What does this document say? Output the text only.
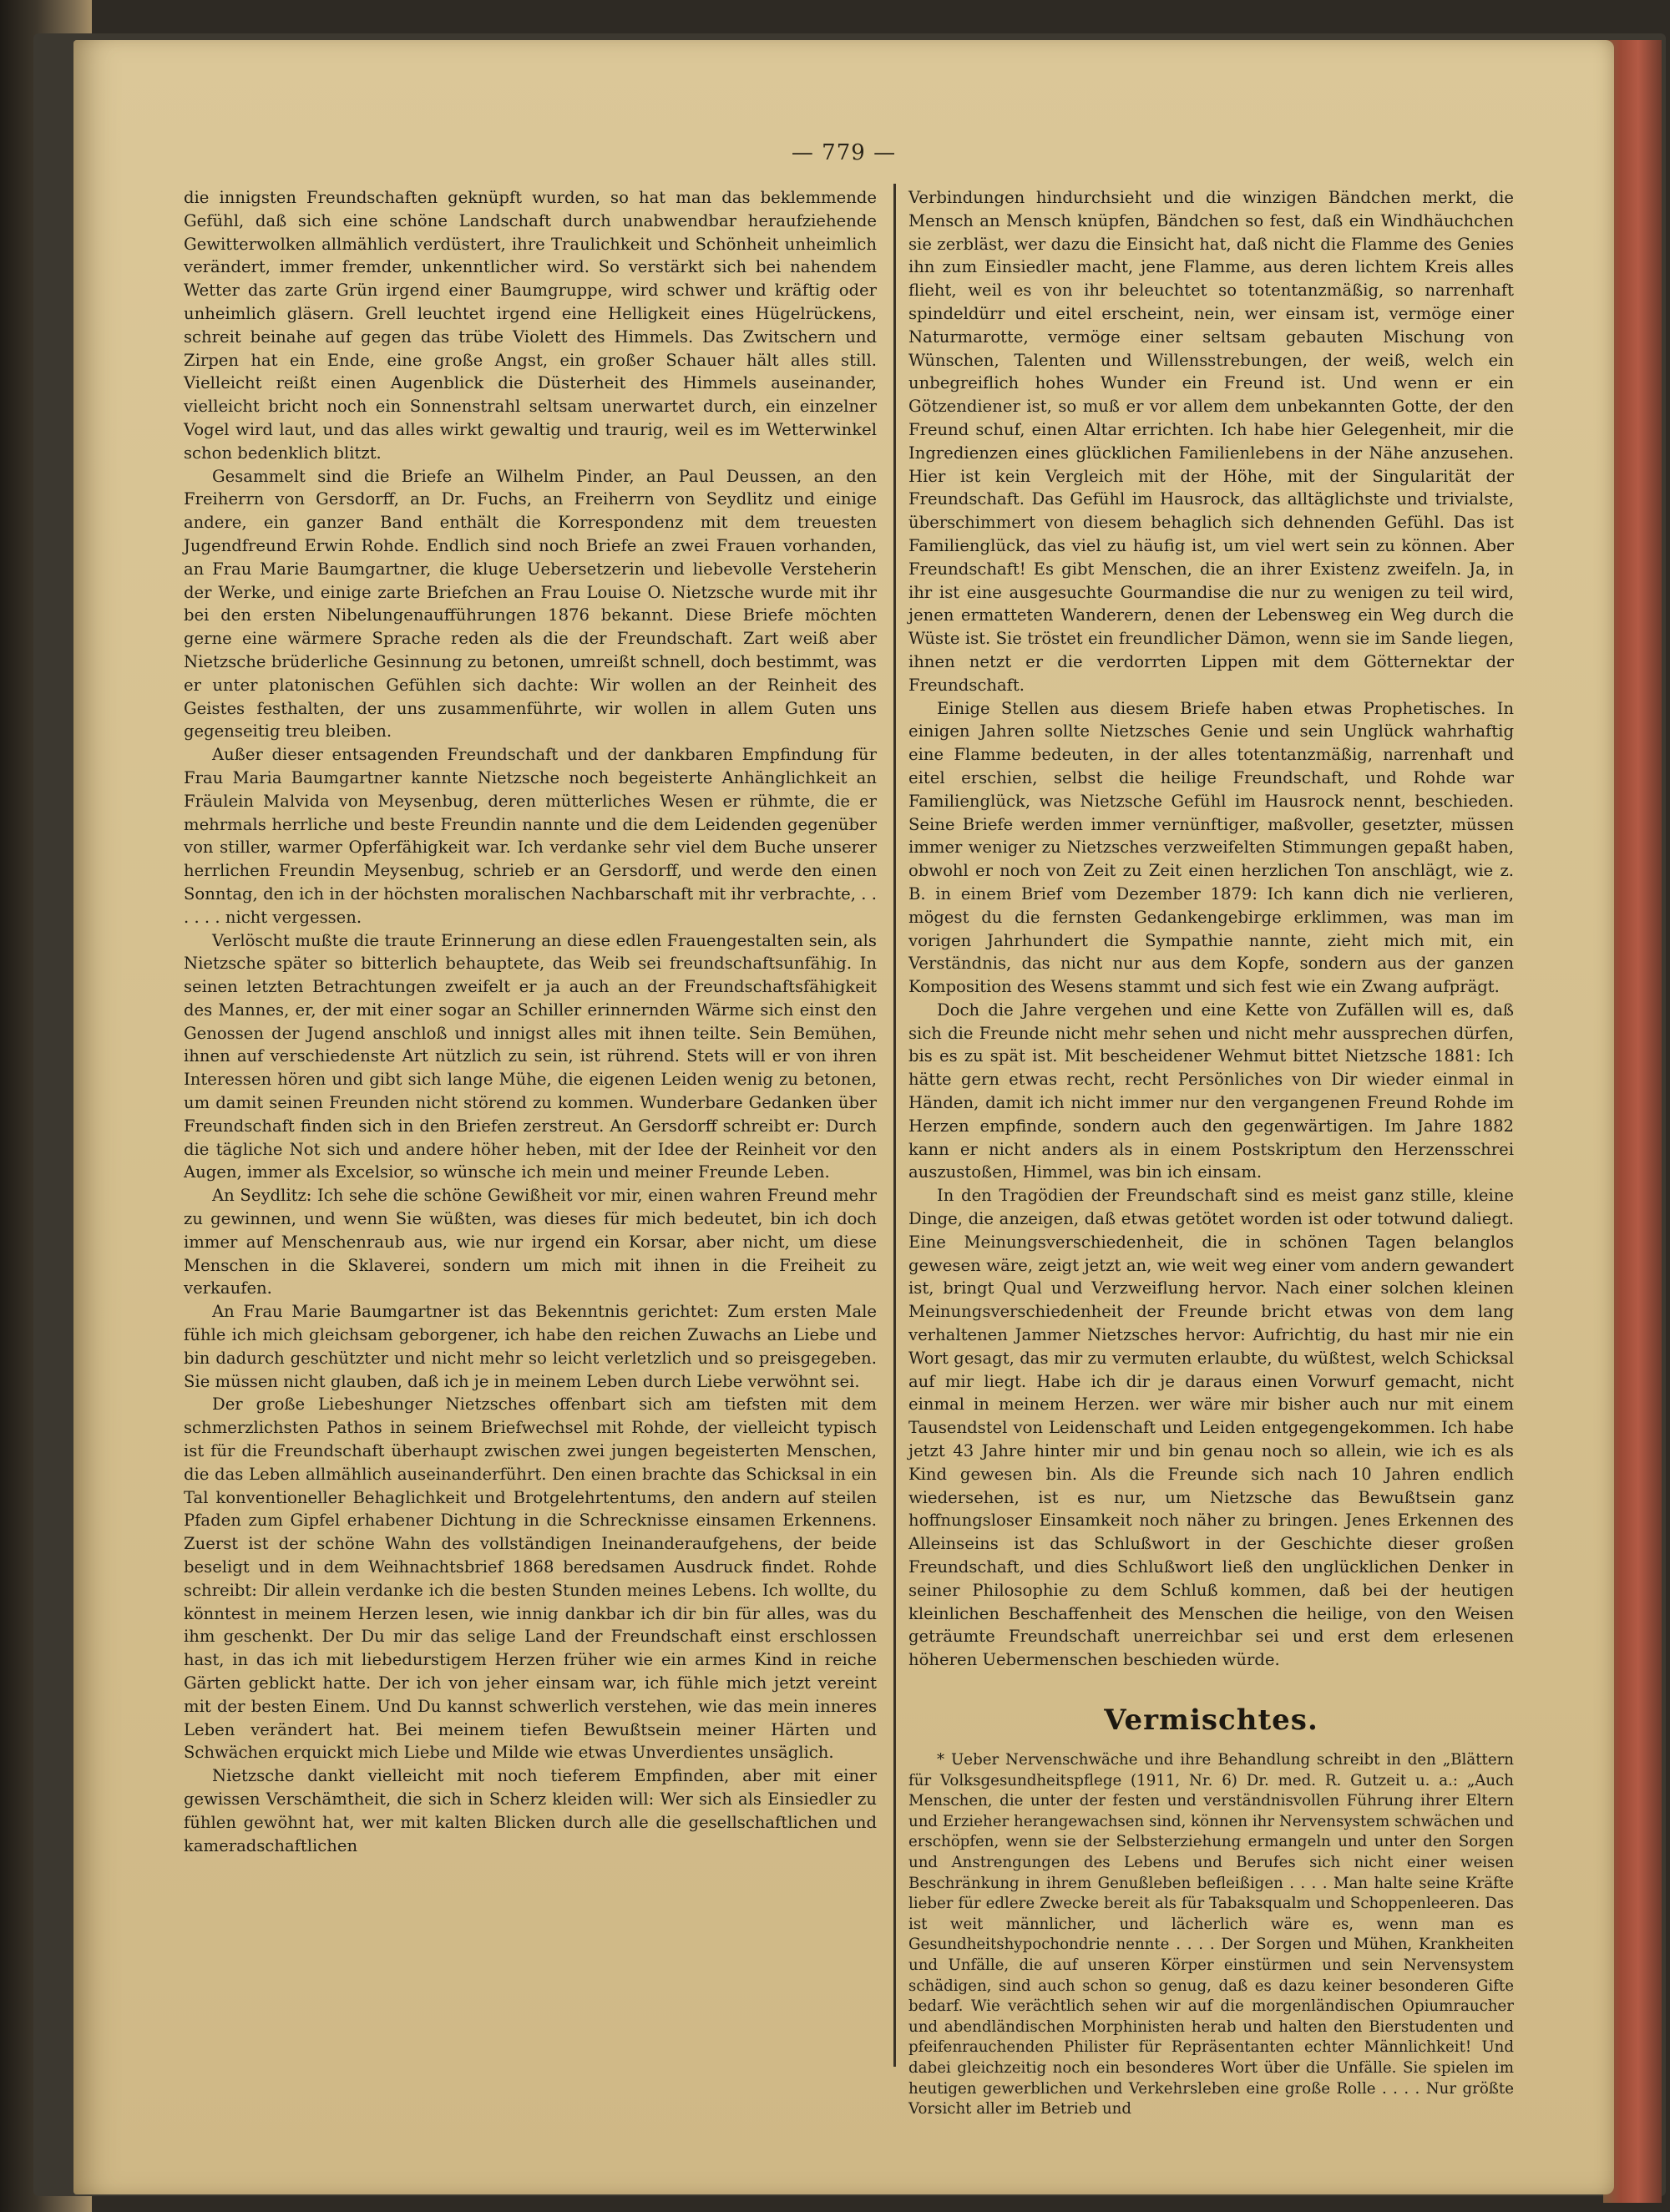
— 779 —

die innigsten Freundschaften geknüpft wurden, so hat man das beklemmende Gefühl, daß sich eine schöne Landschaft durch unabwendbar heraufziehende Gewitterwolken allmählich verdüstert, ihre Traulichkeit und Schönheit unheimlich verändert, immer fremder, unkenntlicher wird. So verstärkt sich bei nahendem Wetter das zarte Grün irgend einer Baumgruppe, wird schwer und kräftig oder unheimlich gläsern. Grell leuchtet irgend eine Helligkeit eines Hügelrückens, schreit beinahe auf gegen das trübe Violett des Himmels. Das Zwitschern und Zirpen hat ein Ende, eine große Angst, ein großer Schauer hält alles still. Vielleicht reißt einen Augenblick die Düsterheit des Himmels auseinander, vielleicht bricht noch ein Sonnenstrahl seltsam unerwartet durch, ein einzelner Vogel wird laut, und das alles wirkt gewaltig und traurig, weil es im Wetterwinkel schon bedenklich blitzt.

Gesammelt sind die Briefe an Wilhelm Pinder, an Paul Deussen, an den Freiherrn von Gersdorff, an Dr. Fuchs, an Freiherrn von Seydlitz und einige andere, ein ganzer Band enthält die Korrespondenz mit dem treuesten Jugendfreund Erwin Rohde. Endlich sind noch Briefe an zwei Frauen vorhanden, an Frau Marie Baumgartner, die kluge Uebersetzerin und liebevolle Versteherin der Werke, und einige zarte Briefchen an Frau Louise O. Nietzsche wurde mit ihr bei den ersten Nibelungenaufführungen 1876 bekannt. Diese Briefe möchten gerne eine wärmere Sprache reden als die der Freundschaft. Zart weiß aber Nietzsche brüderliche Gesinnung zu betonen, umreißt schnell, doch bestimmt, was er unter platonischen Gefühlen sich dachte: Wir wollen an der Reinheit des Geistes festhalten, der uns zusammenführte, wir wollen in allem Guten uns gegenseitig treu bleiben.

Außer dieser entsagenden Freundschaft und der dankbaren Empfindung für Frau Maria Baumgartner kannte Nietzsche noch begeisterte Anhänglichkeit an Fräulein Malvida von Meysenbug, deren mütterliches Wesen er rühmte, die er mehrmals herrliche und beste Freundin nannte und die dem Leidenden gegenüber von stiller, warmer Opferfähigkeit war. Ich verdanke sehr viel dem Buche unserer herrlichen Freundin Meysenbug, schrieb er an Gersdorff, und werde den einen Sonntag, den ich in der höchsten moralischen Nachbarschaft mit ihr verbrachte, . . . . . . nicht vergessen.

Verlöscht mußte die traute Erinnerung an diese edlen Frauengestalten sein, als Nietzsche später so bitterlich behauptete, das Weib sei freundschaftsunfähig. In seinen letzten Betrachtungen zweifelt er ja auch an der Freundschaftsfähigkeit des Mannes, er, der mit einer sogar an Schiller erinnernden Wärme sich einst den Genossen der Jugend anschloß und innigst alles mit ihnen teilte. Sein Bemühen, ihnen auf verschiedenste Art nützlich zu sein, ist rührend. Stets will er von ihren Interessen hören und gibt sich lange Mühe, die eigenen Leiden wenig zu betonen, um damit seinen Freunden nicht störend zu kommen. Wunderbare Gedanken über Freundschaft finden sich in den Briefen zerstreut. An Gersdorff schreibt er: Durch die tägliche Not sich und andere höher heben, mit der Idee der Reinheit vor den Augen, immer als Excelsior, so wünsche ich mein und meiner Freunde Leben.

An Seydlitz: Ich sehe die schöne Gewißheit vor mir, einen wahren Freund mehr zu gewinnen, und wenn Sie wüßten, was dieses für mich bedeutet, bin ich doch immer auf Menschenraub aus, wie nur irgend ein Korsar, aber nicht, um diese Menschen in die Sklaverei, sondern um mich mit ihnen in die Freiheit zu verkaufen.

An Frau Marie Baumgartner ist das Bekenntnis gerichtet: Zum ersten Male fühle ich mich gleichsam geborgener, ich habe den reichen Zuwachs an Liebe und bin dadurch geschützter und nicht mehr so leicht verletzlich und so preisgegeben. Sie müssen nicht glauben, daß ich je in meinem Leben durch Liebe verwöhnt sei.

Der große Liebeshunger Nietzsches offenbart sich am tiefsten mit dem schmerzlichsten Pathos in seinem Briefwechsel mit Rohde, der vielleicht typisch ist für die Freundschaft überhaupt zwischen zwei jungen begeisterten Menschen, die das Leben allmählich auseinanderführt. Den einen brachte das Schicksal in ein Tal konventioneller Behaglichkeit und Brotgelehrtentums, den andern auf steilen Pfaden zum Gipfel erhabener Dichtung in die Schrecknisse einsamen Erkennens. Zuerst ist der schöne Wahn des vollständigen Ineinanderaufgehens, der beide beseligt und in dem Weihnachtsbrief 1868 beredsamen Ausdruck findet. Rohde schreibt: Dir allein verdanke ich die besten Stunden meines Lebens. Ich wollte, du könntest in meinem Herzen lesen, wie innig dankbar ich dir bin für alles, was du ihm geschenkt. Der Du mir das selige Land der Freundschaft einst erschlossen hast, in das ich mit liebedurstigem Herzen früher wie ein armes Kind in reiche Gärten geblickt hatte. Der ich von jeher einsam war, ich fühle mich jetzt vereint mit der besten Einem. Und Du kannst schwerlich verstehen, wie das mein inneres Leben verändert hat. Bei meinem tiefen Bewußtsein meiner Härten und Schwächen erquickt mich Liebe und Milde wie etwas Unverdientes unsäglich.

Nietzsche dankt vielleicht mit noch tieferem Empfinden, aber mit einer gewissen Verschämtheit, die sich in Scherz kleiden will: Wer sich als Einsiedler zu fühlen gewöhnt hat, wer mit kalten Blicken durch alle die gesellschaftlichen und kameradschaftlichen

Verbindungen hindurchsieht und die winzigen Bändchen merkt, die Mensch an Mensch knüpfen, Bändchen so fest, daß ein Windhäuchchen sie zerbläst, wer dazu die Einsicht hat, daß nicht die Flamme des Genies ihn zum Einsiedler macht, jene Flamme, aus deren lichtem Kreis alles flieht, weil es von ihr beleuchtet so totentanzmäßig, so narrenhaft spindeldürr und eitel erscheint, nein, wer einsam ist, vermöge einer Naturmarotte, vermöge einer seltsam gebauten Mischung von Wünschen, Talenten und Willensstrebungen, der weiß, welch ein unbegreiflich hohes Wunder ein Freund ist. Und wenn er ein Götzendiener ist, so muß er vor allem dem unbekannten Gotte, der den Freund schuf, einen Altar errichten. Ich habe hier Gelegenheit, mir die Ingredienzen eines glücklichen Familienlebens in der Nähe anzusehen. Hier ist kein Vergleich mit der Höhe, mit der Singularität der Freundschaft. Das Gefühl im Hausrock, das alltäglichste und trivialste, überschimmert von diesem behaglich sich dehnenden Gefühl. Das ist Familienglück, das viel zu häufig ist, um viel wert sein zu können. Aber Freundschaft! Es gibt Menschen, die an ihrer Existenz zweifeln. Ja, in ihr ist eine ausgesuchte Gourmandise die nur zu wenigen zu teil wird, jenen ermatteten Wanderern, denen der Lebensweg ein Weg durch die Wüste ist. Sie tröstet ein freundlicher Dämon, wenn sie im Sande liegen, ihnen netzt er die verdorrten Lippen mit dem Götternektar der Freundschaft.

Einige Stellen aus diesem Briefe haben etwas Prophetisches. In einigen Jahren sollte Nietzsches Genie und sein Unglück wahrhaftig eine Flamme bedeuten, in der alles totentanzmäßig, narrenhaft und eitel erschien, selbst die heilige Freundschaft, und Rohde war Familienglück, was Nietzsche Gefühl im Hausrock nennt, beschieden. Seine Briefe werden immer vernünftiger, maßvoller, gesetzter, müssen immer weniger zu Nietzsches verzweifelten Stimmungen gepaßt haben, obwohl er noch von Zeit zu Zeit einen herzlichen Ton anschlägt, wie z. B. in einem Brief vom Dezember 1879: Ich kann dich nie verlieren, mögest du die fernsten Gedankengebirge erklimmen, was man im vorigen Jahrhundert die Sympathie nannte, zieht mich mit, ein Verständnis, das nicht nur aus dem Kopfe, sondern aus der ganzen Komposition des Wesens stammt und sich fest wie ein Zwang aufprägt.

Doch die Jahre vergehen und eine Kette von Zufällen will es, daß sich die Freunde nicht mehr sehen und nicht mehr aussprechen dürfen, bis es zu spät ist. Mit bescheidener Wehmut bittet Nietzsche 1881: Ich hätte gern etwas recht, recht Persönliches von Dir wieder einmal in Händen, damit ich nicht immer nur den vergangenen Freund Rohde im Herzen empfinde, sondern auch den gegenwärtigen. Im Jahre 1882 kann er nicht anders als in einem Postskriptum den Herzensschrei auszustoßen, Himmel, was bin ich einsam.

In den Tragödien der Freundschaft sind es meist ganz stille, kleine Dinge, die anzeigen, daß etwas getötet worden ist oder totwund daliegt. Eine Meinungsverschiedenheit, die in schönen Tagen belanglos gewesen wäre, zeigt jetzt an, wie weit weg einer vom andern gewandert ist, bringt Qual und Verzweiflung hervor. Nach einer solchen kleinen Meinungsverschiedenheit der Freunde bricht etwas von dem lang verhaltenen Jammer Nietzsches hervor: Aufrichtig, du hast mir nie ein Wort gesagt, das mir zu vermuten erlaubte, du wüßtest, welch Schicksal auf mir liegt. Habe ich dir je daraus einen Vorwurf gemacht, nicht einmal in meinem Herzen. wer wäre mir bisher auch nur mit einem Tausendstel von Leidenschaft und Leiden entgegengekommen. Ich habe jetzt 43 Jahre hinter mir und bin genau noch so allein, wie ich es als Kind gewesen bin. Als die Freunde sich nach 10 Jahren endlich wiedersehen, ist es nur, um Nietzsche das Bewußtsein ganz hoffnungsloser Einsamkeit noch näher zu bringen. Jenes Erkennen des Alleinseins ist das Schlußwort in der Geschichte dieser großen Freundschaft, und dies Schlußwort ließ den unglücklichen Denker in seiner Philosophie zu dem Schluß kommen, daß bei der heutigen kleinlichen Beschaffenheit des Menschen die heilige, von den Weisen geträumte Freundschaft unerreichbar sei und erst dem erlesenen höheren Uebermenschen beschieden würde.

Vermischtes.

* Ueber Nervenschwäche und ihre Behandlung schreibt in den „Blättern für Volksgesundheitspflege (1911, Nr. 6) Dr. med. R. Gutzeit u. a.: „Auch Menschen, die unter der festen und verständnisvollen Führung ihrer Eltern und Erzieher herangewachsen sind, können ihr Nervensystem schwächen und erschöpfen, wenn sie der Selbsterziehung ermangeln und unter den Sorgen und Anstrengungen des Lebens und Berufes sich nicht einer weisen Beschränkung in ihrem Genußleben befleißigen . . . . Man halte seine Kräfte lieber für edlere Zwecke bereit als für Tabaksqualm und Schoppenleeren. Das ist weit männlicher, und lächerlich wäre es, wenn man es Gesundheitshypochondrie nennte . . . . Der Sorgen und Mühen, Krankheiten und Unfälle, die auf unseren Körper einstürmen und sein Nervensystem schädigen, sind auch schon so genug, daß es dazu keiner besonderen Gifte bedarf. Wie verächtlich sehen wir auf die morgenländischen Opiumraucher und abendländischen Morphinisten herab und halten den Bierstudenten und pfeifenrauchenden Philister für Repräsentanten echter Männlichkeit! Und dabei gleichzeitig noch ein besonderes Wort über die Unfälle. Sie spielen im heutigen gewerblichen und Verkehrsleben eine große Rolle . . . . Nur größte Vorsicht aller im Betrieb und
